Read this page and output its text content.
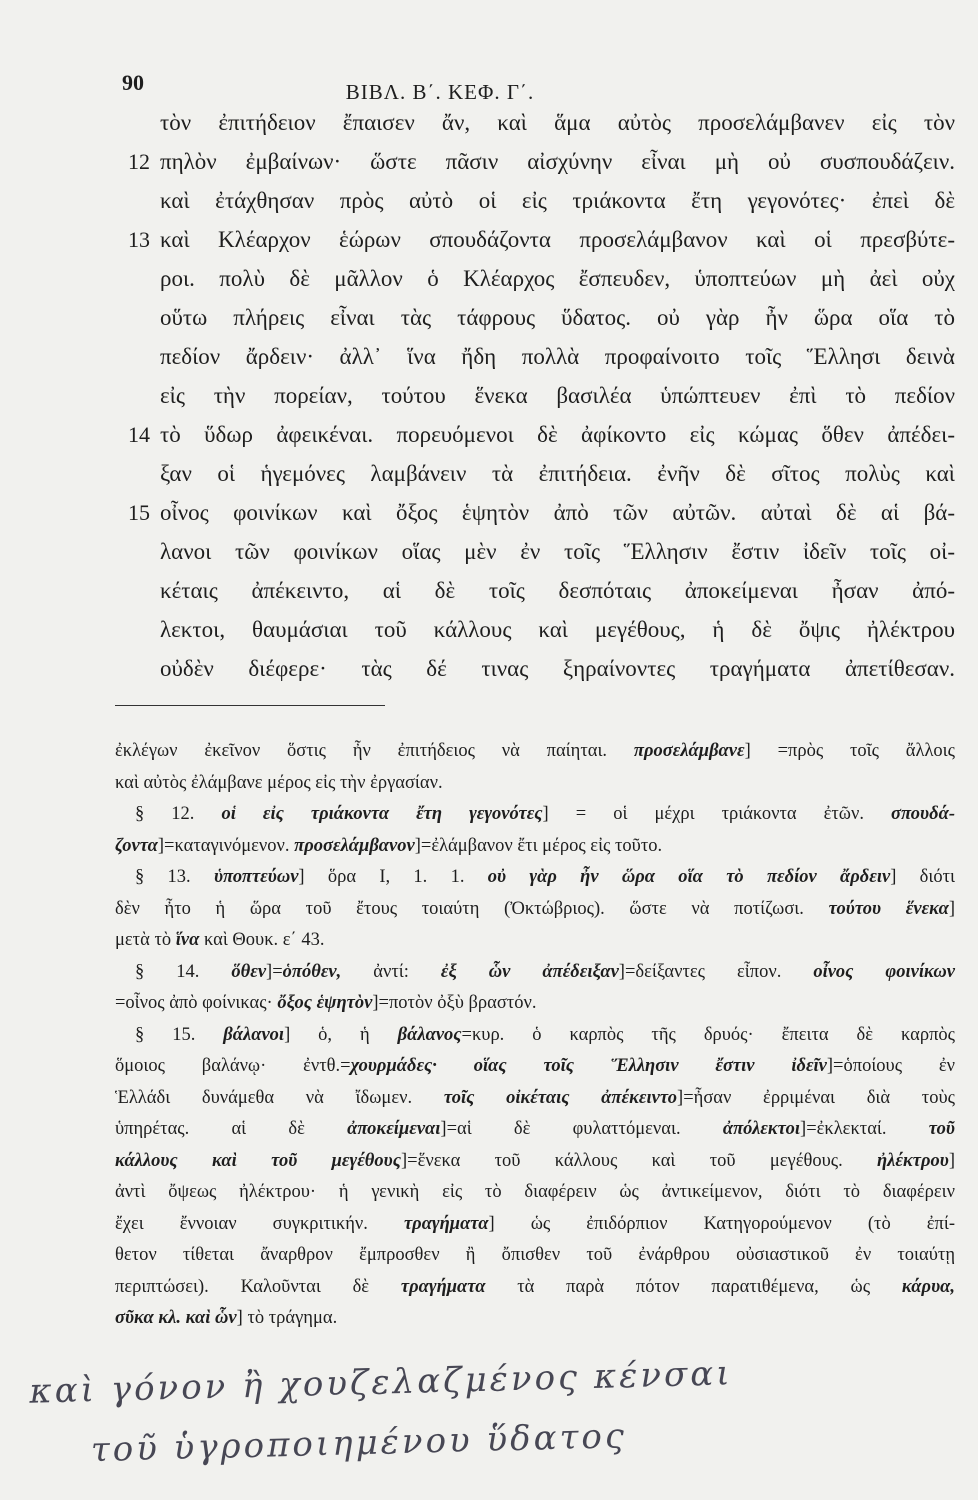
90	ΒΙΒΛ. Β΄. ΚΕΦ. Γ΄.
τὸν ἐπιτήδειον ἔπαισεν ἄν, καὶ ἅμα αὐτὸς προσελάμβανεν εἰς τὸν
πηλὸν ἐμβαίνων· ὥστε πᾶσιν αἰσχύνην εἶναι μὴ οὐ συσπουδάζειν.
12
καὶ ἐτάχθησαν πρὸς αὐτὸ οἱ εἰς τριάκοντα ἔτη γεγονότες· ἐπεὶ δὲ
καὶ Κλέαρχον ἑώρων σπουδάζοντα προσελάμβανον καὶ οἱ πρεσβύτε-
13
ροι. πολὺ δὲ μᾶλλον ὁ Κλέαρχος ἔσπευδεν, ὑποπτεύων μὴ ἀεὶ οὐχ
οὕτω πλήρεις εἶναι τὰς τάφρους ὕδατος. οὐ γὰρ ἦν ὥρα οἵα τὸ
πεδίον ἄρδειν· ἀλλ᾽ ἵνα ἤδη πολλὰ προφαίνοιτο τοῖς Ἕλλησι δεινὰ
εἰς τὴν πορείαν, τούτου ἕνεκα βασιλέα ὑπώπτευεν ἐπὶ τὸ πεδίον
τὸ ὕδωρ ἀφεικέναι. πορευόμενοι δὲ ἀφίκοντο εἰς κώμας ὅθεν ἀπέδει-
14
ξαν οἱ ἡγεμόνες λαμβάνειν τὰ ἐπιτήδεια. ἐνῆν δὲ σῖτος πολὺς καὶ
οἶνος φοινίκων καὶ ὄξος ἑψητὸν ἀπὸ τῶν αὐτῶν. αὐταὶ δὲ αἱ βά-
15
λανοι τῶν φοινίκων οἵας μὲν ἐν τοῖς Ἕλλησιν ἔστιν ἰδεῖν τοῖς οἰ-
κέταις ἀπέκειντο, αἱ δὲ τοῖς δεσπόταις ἀποκείμεναι ἦσαν ἀπό-
λεκτοι, θαυμάσιαι τοῦ κάλλους καὶ μεγέθους, ἡ δὲ ὄψις ἠλέκτρου
οὐδὲν διέφερε· τὰς δέ τινας ξηραίνοντες τραγήματα ἀπετίθεσαν.
ἐκλέγων ἐκεῖνον ὅστις ἦν ἐπιτήδειος νὰ παίηται. προσελάμβανε] =πρὸς τοῖς ἄλλοις
καὶ αὐτὸς ἐλάμβανε μέρος εἰς τὴν ἐργασίαν.
§ 12. οἱ εἰς τριάκοντα ἔτη γεγονότες] = οἱ μέχρι τριάκοντα ἐτῶν. σπουδά-
ζοντα]=καταγινόμενον. προσελάμβανον]=ἐλάμβανον ἔτι μέρος εἰς τοῦτο.
§ 13. ὑποπτεύων] ὅρα Ι, 1. 1. οὐ γὰρ ἦν ὥρα οἵα τὸ πεδίον ἄρδειν] διότι
δὲν ἦτο ἡ ὥρα τοῦ ἔτους τοιαύτη (Ὀκτώβριος). ὥστε νὰ ποτίζωσι. τούτου ἕνεκα]
μετὰ τὸ ἵνα καὶ Θουκ. ε΄ 43.
§ 14. ὅθεν]=ὁπόθεν, ἀντί: ἐξ ὧν ἀπέδειξαν]=δείξαντες εἶπον. οἶνος φοινίκων
=οἶνος ἀπὸ φοίνικας· ὄξος ἑψητὸν]=ποτὸν ὀξὺ βραστόν.
§ 15. βάλανοι] ὁ, ἡ βάλανος=κυρ. ὁ καρπὸς τῆς δρυός· ἔπειτα δὲ καρπὸς
ὅμοιος βαλάνῳ· ἐντθ.=χουρμάδες· οἵας τοῖς Ἕλλησιν ἔστιν ἰδεῖν]=ὁποίους ἐν
Ἑλλάδι δυνάμεθα νὰ ἴδωμεν. τοῖς οἰκέταις ἀπέκειντο]=ἦσαν ἐρριμέναι διὰ τοὺς
ὑπηρέτας. αἱ δὲ ἀποκείμεναι]=αἱ δὲ φυλαττόμεναι. ἀπόλεκτοι]=ἐκλεκταί. τοῦ
κάλλους καὶ τοῦ μεγέθους]=ἕνεκα τοῦ κάλλους καὶ τοῦ μεγέθους. ἠλέκτρου]
ἀντὶ ὄψεως ἠλέκτρου· ἡ γενικὴ εἰς τὸ διαφέρειν ὡς ἀντικείμενον, διότι τὸ διαφέρειν
ἔχει ἔννοιαν συγκριτικήν. τραγήματα] ὡς ἐπιδόρπιον Κατηγορούμενον (τὸ ἐπί-
θετον τίθεται ἄναρθρον ἔμπροσθεν ἢ ὄπισθεν τοῦ ἐνάρθρου οὐσιαστικοῦ ἐν τοιαύτῃ
περιπτώσει). Καλοῦνται δὲ τραγήματα τὰ παρὰ πότον παρατιθέμενα, ὡς κάρυα,
σῦκα κλ. καὶ ὧν] τὸ τράγημα.
καὶ γόνον ἢ χουζελαζμένος κένσαι
τοῦ ὑγροποιημένου ὕδατος
